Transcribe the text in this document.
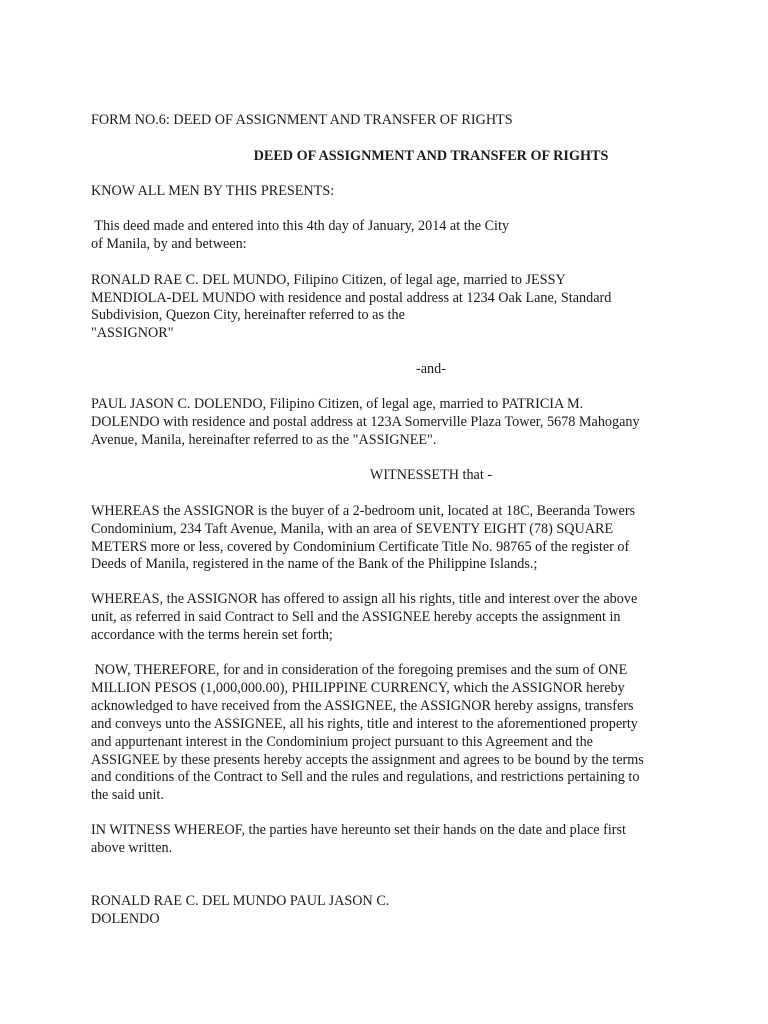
FORM NO.6: DEED OF ASSIGNMENT AND TRANSFER OF RIGHTS

DEED OF ASSIGNMENT AND TRANSFER OF RIGHTS

KNOW ALL MEN BY THIS PRESENTS:

This deed made and entered into this 4th day of January, 2014 at the City

of Manila, by and between:

RONALD RAE C. DEL MUNDO, Filipino Citizen, of legal age, married to JESSY

MENDIOLA-DEL MUNDO with residence and postal address at 1234 Oak Lane, Standard

Subdivision, Quezon City, hereinafter referred to as the

"ASSIGNOR"

-and-

PAUL JASON C. DOLENDO, Filipino Citizen, of legal age, married to PATRICIA M.

DOLENDO with residence and postal address at 123A Somerville Plaza Tower, 5678 Mahogany

Avenue, Manila, hereinafter referred to as the "ASSIGNEE".

WITNESSETH that -

WHEREAS the ASSIGNOR is the buyer of a 2-bedroom unit, located at 18C, Beeranda Towers

Condominium, 234 Taft Avenue, Manila, with an area of SEVENTY EIGHT (78) SQUARE

METERS more or less, covered by Condominium Certificate Title No. 98765 of the register of

Deeds of Manila, registered in the name of the Bank of the Philippine Islands.;

WHEREAS, the ASSIGNOR has offered to assign all his rights, title and interest over the above

unit, as referred in said Contract to Sell and the ASSIGNEE hereby accepts the assignment in

accordance with the terms herein set forth;

NOW, THEREFORE, for and in consideration of the foregoing premises and the sum of ONE

MILLION PESOS (1,000,000.00), PHILIPPINE CURRENCY, which the ASSIGNOR hereby

acknowledged to have received from the ASSIGNEE, the ASSIGNOR hereby assigns, transfers

and conveys unto the ASSIGNEE, all his rights, title and interest to the aforementioned property

and appurtenant interest in the Condominium project pursuant to this Agreement and the

ASSIGNEE by these presents hereby accepts the assignment and agrees to be bound by the terms

and conditions of the Contract to Sell and the rules and regulations, and restrictions pertaining to

the said unit.

IN WITNESS WHEREOF, the parties have hereunto set their hands on the date and place first

above written.

RONALD RAE C. DEL MUNDO PAUL JASON C.

DOLENDO
